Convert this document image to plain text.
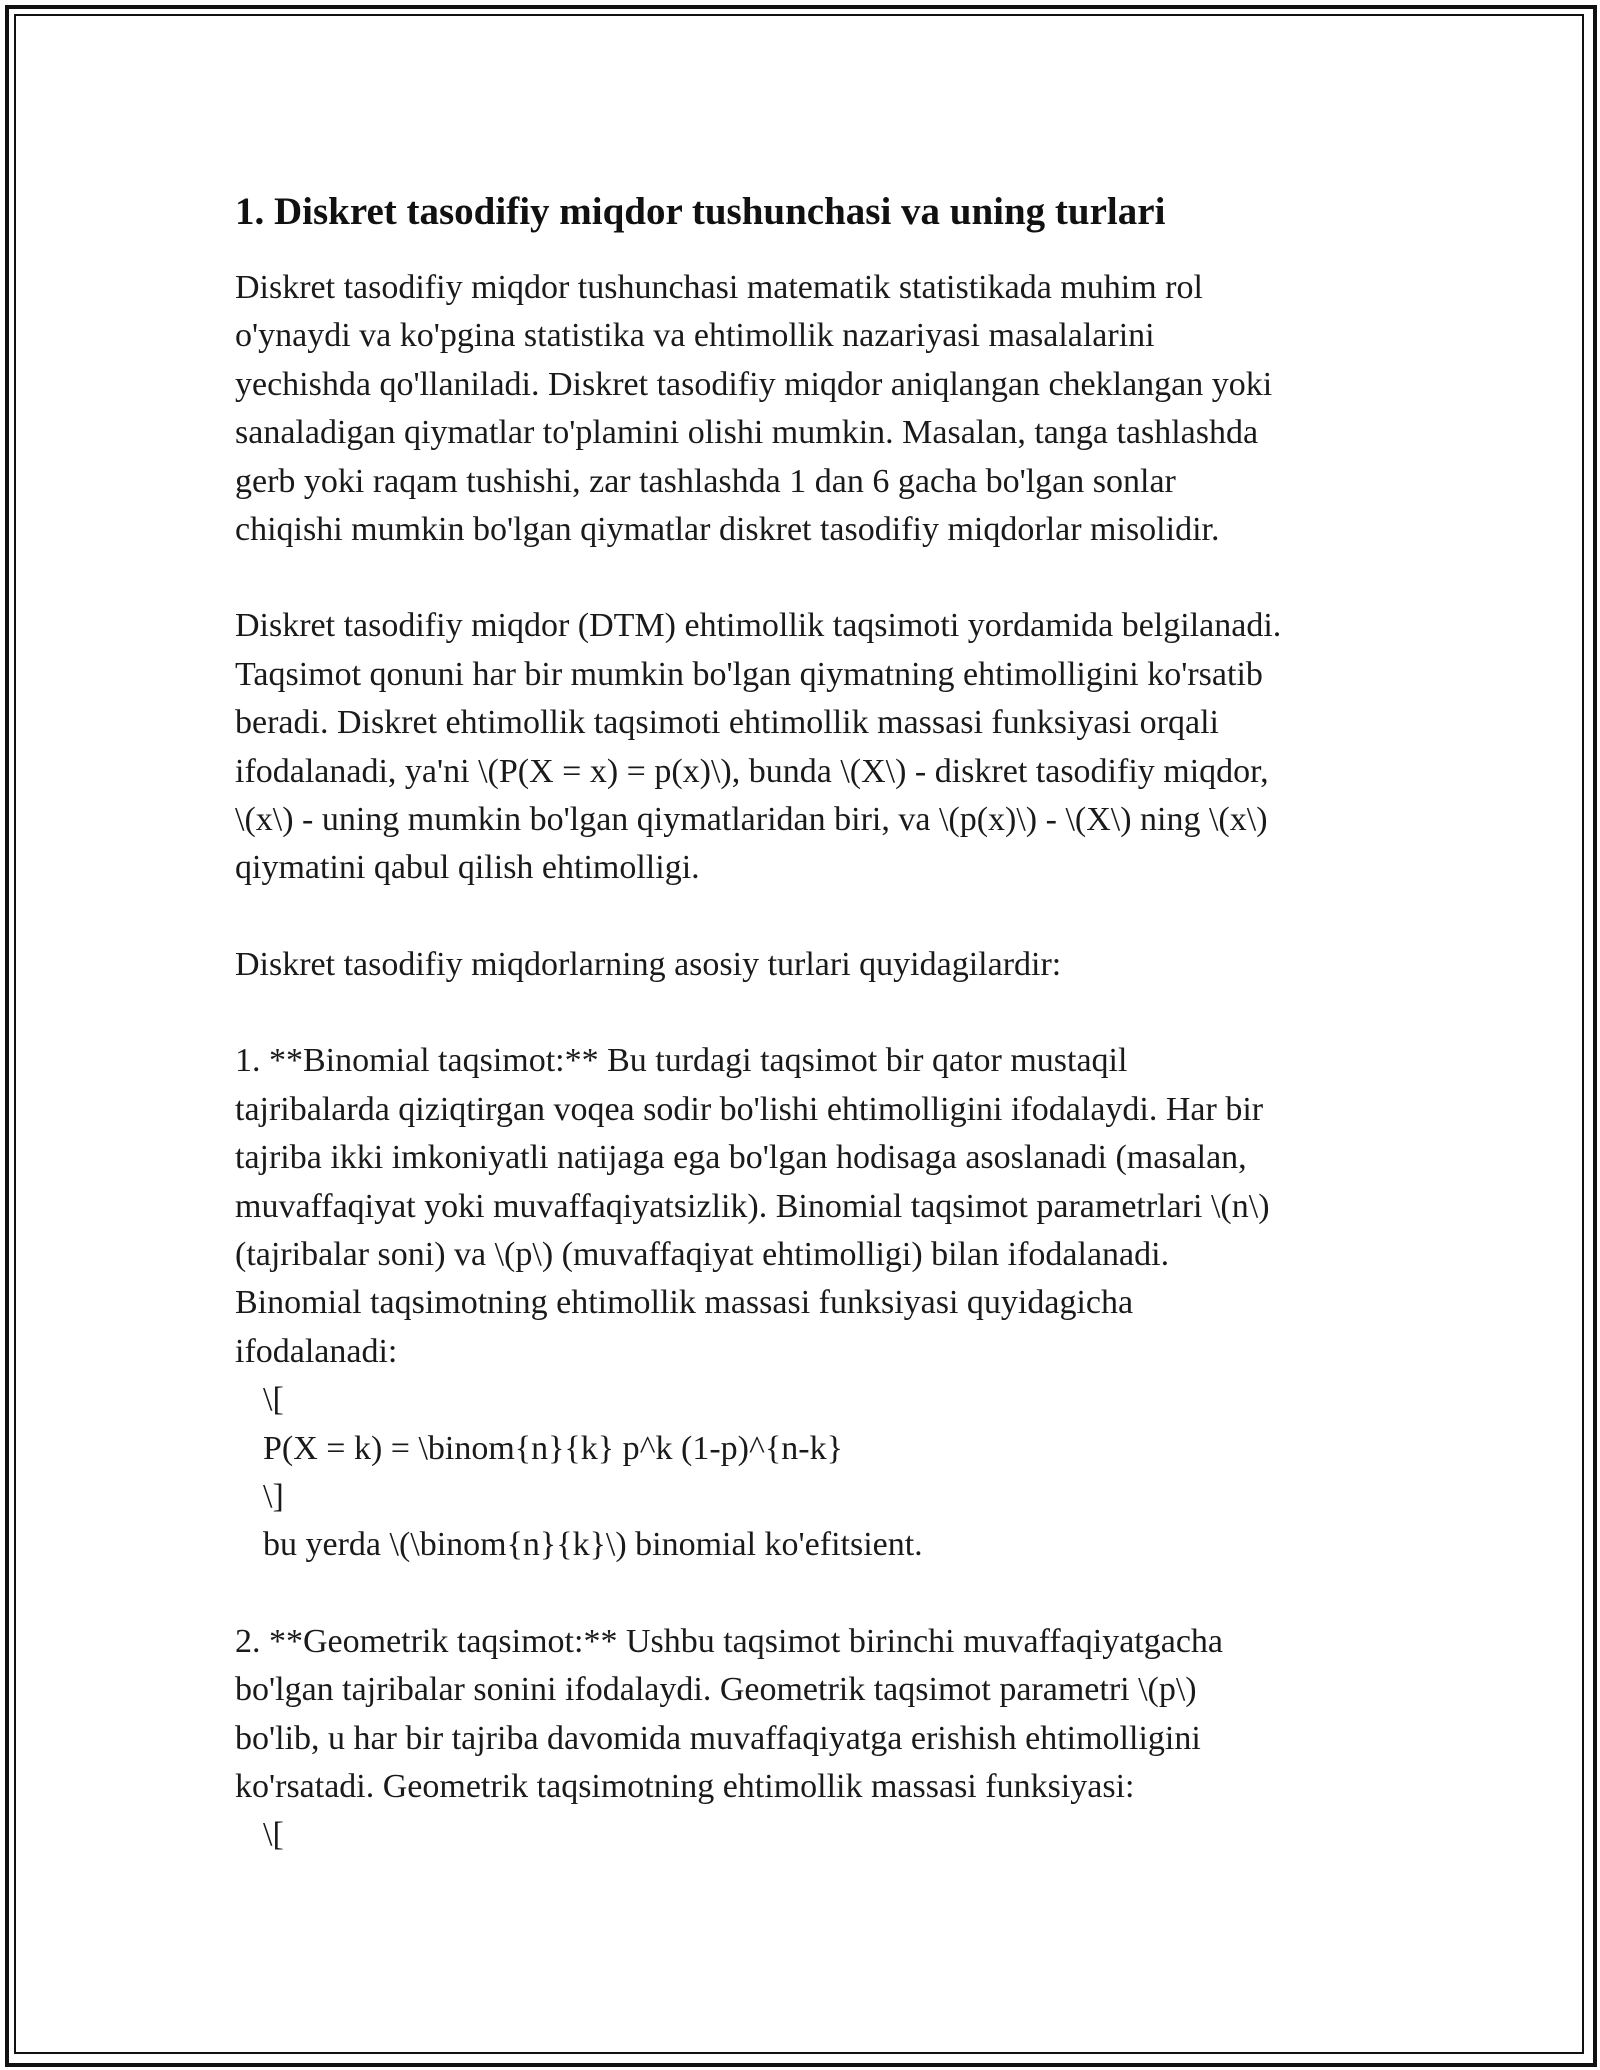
1. Diskret tasodifiy miqdor tushunchasi va uning turlari

Diskret tasodifiy miqdor tushunchasi matematik statistikada muhim rol
o'ynaydi va ko'pgina statistika va ehtimollik nazariyasi masalalarini
yechishda qo'llaniladi. Diskret tasodifiy miqdor aniqlangan cheklangan yoki
sanaladigan qiymatlar to'plamini olishi mumkin. Masalan, tanga tashlashda
gerb yoki raqam tushishi, zar tashlashda 1 dan 6 gacha bo'lgan sonlar
chiqishi mumkin bo'lgan qiymatlar diskret tasodifiy miqdorlar misolidir.

Diskret tasodifiy miqdor (DTM) ehtimollik taqsimoti yordamida belgilanadi.
Taqsimot qonuni har bir mumkin bo'lgan qiymatning ehtimolligini ko'rsatib
beradi. Diskret ehtimollik taqsimoti ehtimollik massasi funksiyasi orqali
ifodalanadi, ya'ni \(P(X = x) = p(x)\), bunda \(X\) - diskret tasodifiy miqdor,
\(x\) - uning mumkin bo'lgan qiymatlaridan biri, va \(p(x)\) - \(X\) ning \(x\)
qiymatini qabul qilish ehtimolligi.

Diskret tasodifiy miqdorlarning asosiy turlari quyidagilardir:

1. **Binomial taqsimot:** Bu turdagi taqsimot bir qator mustaqil
tajribalarda qiziqtirgan voqea sodir bo'lishi ehtimolligini ifodalaydi. Har bir
tajriba ikki imkoniyatli natijaga ega bo'lgan hodisaga asoslanadi (masalan,
muvaffaqiyat yoki muvaffaqiyatsizlik). Binomial taqsimot parametrlari \(n\)
(tajribalar soni) va \(p\) (muvaffaqiyat ehtimolligi) bilan ifodalanadi.
Binomial taqsimotning ehtimollik massasi funksiyasi quyidagicha
ifodalanadi:
\[
P(X = k) = \binom{n}{k} p^k (1-p)^{n-k}
\]
bu yerda \(\binom{n}{k}\) binomial ko'efitsient.
2. **Geometrik taqsimot:** Ushbu taqsimot birinchi muvaffaqiyatgacha
bo'lgan tajribalar sonini ifodalaydi. Geometrik taqsimot parametri \(p\)
bo'lib, u har bir tajriba davomida muvaffaqiyatga erishish ehtimolligini
ko'rsatadi. Geometrik taqsimotning ehtimollik massasi funksiyasi:
\[
